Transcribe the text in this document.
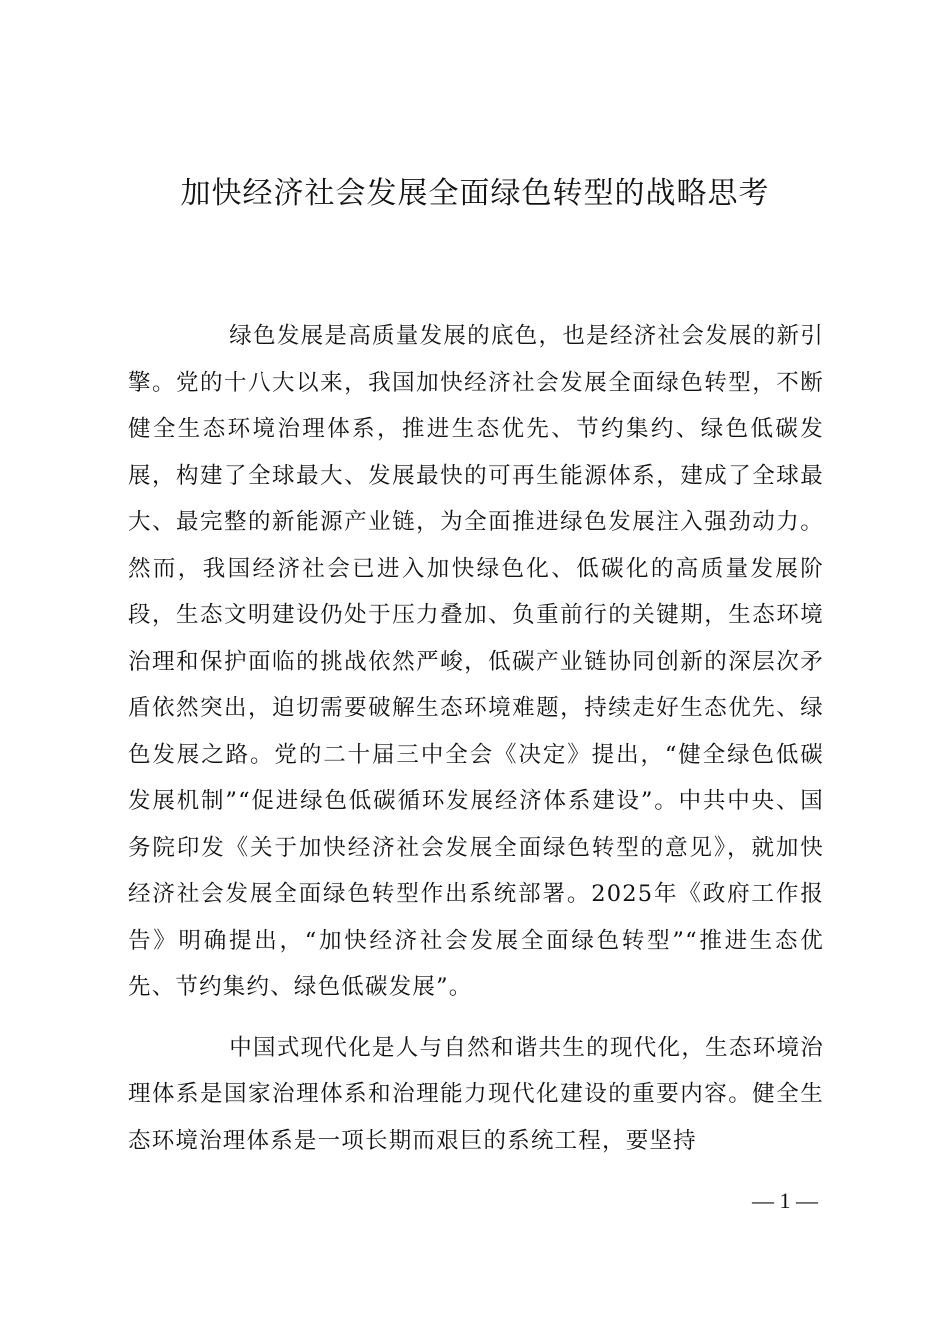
加快经济社会发展全面绿色转型的战略思考

绿色发展是高质量发展的底色，也是经济社会发展的新引擎。党的十八大以来，我国加快经济社会发展全面绿色转型，不断健全生态环境治理体系，推进生态优先、节约集约、绿色低碳发展，构建了全球最大、发展最快的可再生能源体系，建成了全球最大、最完整的新能源产业链，为全面推进绿色发展注入强劲动力。然而，我国经济社会已进入加快绿色化、低碳化的高质量发展阶段，生态文明建设仍处于压力叠加、负重前行的关键期，生态环境治理和保护面临的挑战依然严峻，低碳产业链协同创新的深层次矛盾依然突出，迫切需要破解生态环境难题，持续走好生态优先、绿色发展之路。党的二十届三中全会《决定》提出，“健全绿色低碳发展机制”“促进绿色低碳循环发展经济体系建设”。中共中央、国务院印发《关于加快经济社会发展全面绿色转型的意见》，就加快经济社会发展全面绿色转型作出系统部署。2025年《政府工作报告》明确提出，“加快经济社会发展全面绿色转型”“推进生态优先、节约集约、绿色低碳发展”。

中国式现代化是人与自然和谐共生的现代化，生态环境治理体系是国家治理体系和治理能力现代化建设的重要内容。健全生态环境治理体系是一项长期而艰巨的系统工程，要坚持

— 1 —
